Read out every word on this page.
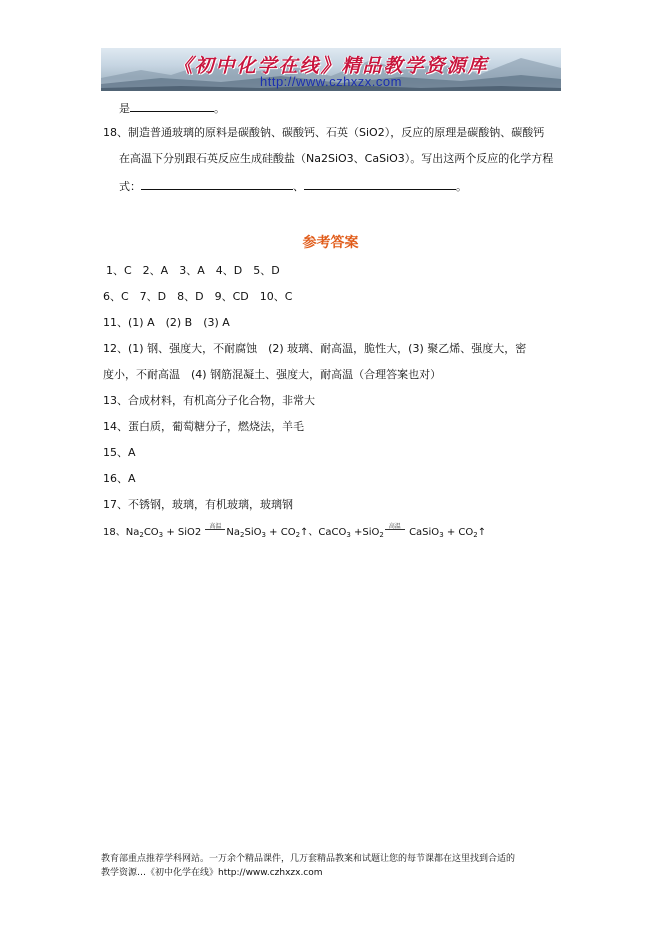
《初中化学在线》精品教学资源库
http://www.czhxzx.com
是	。
18、制造普通玻璃的原料是碳酸钠、碳酸钙、石英（SiO2），反应的原理是碳酸钠、碳酸钙
在高温下分别跟石英反应生成硅酸盐（Na2SiO3、CaSiO3）。写出这两个反应的化学方程
式：	、	。
参考答案
1、C　2、A　3、A　4、D　5、D
6、C　7、D　8、D　9、CD　10、C
11、(1) A　(2) B　(3) A
12、(1) 钢、强度大，不耐腐蚀　(2) 玻璃、耐高温，脆性大，(3) 聚乙烯、强度大，密
度小，不耐高温　(4) 钢筋混凝土、强度大，耐高温（合理答案也对）
13、合成材料，有机高分子化合物，非常大
14、蛋白质，葡萄糖分子，燃烧法，羊毛
15、A
16、A
17、不锈钢，玻璃，有机玻璃，玻璃钢
18、$Na_2CO_3 + SiO2$
高温
$Na_2SiO_3$ + $CO_2↑$、CaCO$_3$ +SiO$_2$
高温
CaSiO$_3$ + $CO_2↑$
教育部重点推荐学科网站。一万余个精品课件，几万套精品教案和试题让您的每节课都在这里找到合适的
教学资源…《初中化学在线》http://www.czhxzx.com
